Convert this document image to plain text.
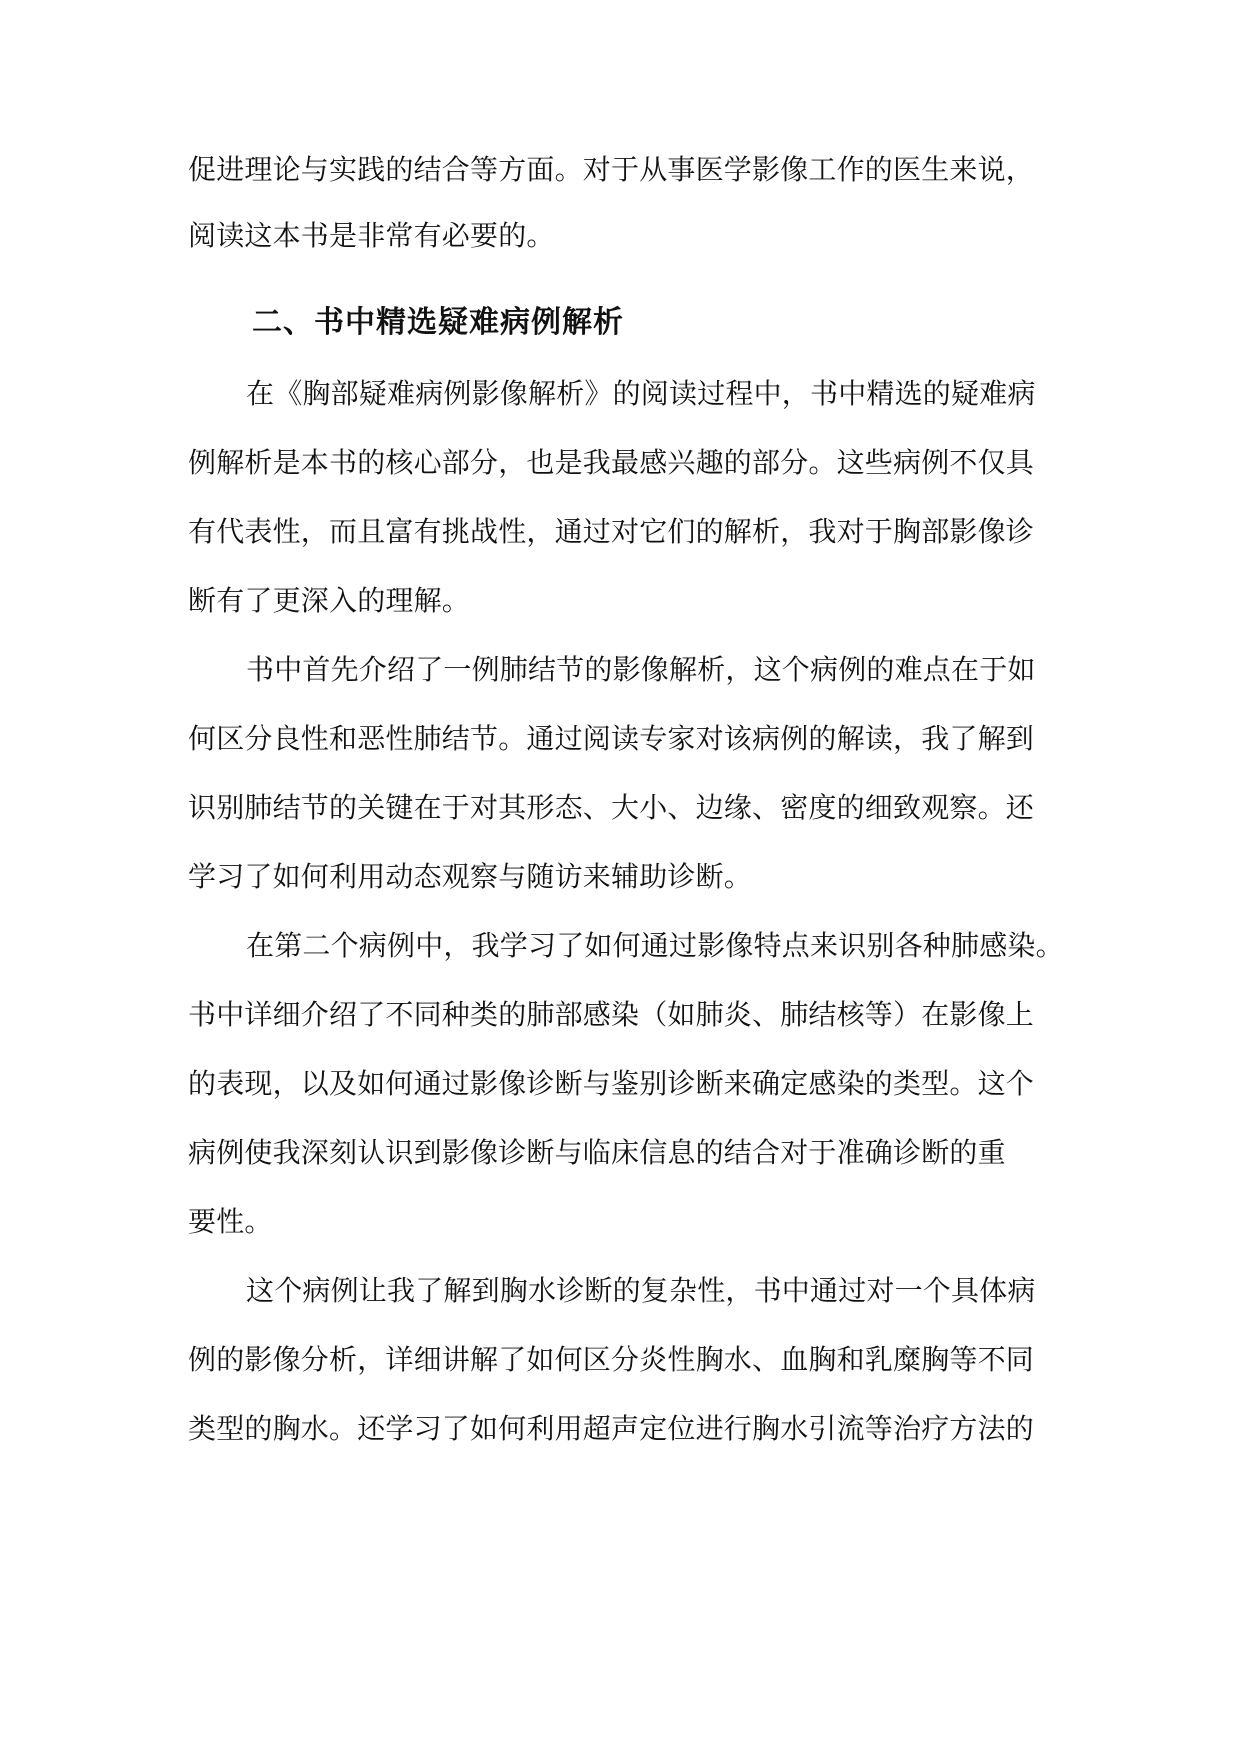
促进理论与实践的结合等方面。对于从事医学影像工作的医生来说，
阅读这本书是非常有必要的。
二、书中精选疑难病例解析
在《胸部疑难病例影像解析》的阅读过程中，书中精选的疑难病
例解析是本书的核心部分，也是我最感兴趣的部分。这些病例不仅具
有代表性，而且富有挑战性，通过对它们的解析，我对于胸部影像诊
断有了更深入的理解。
书中首先介绍了一例肺结节的影像解析，这个病例的难点在于如
何区分良性和恶性肺结节。通过阅读专家对该病例的解读，我了解到
识别肺结节的关键在于对其形态、大小、边缘、密度的细致观察。还
学习了如何利用动态观察与随访来辅助诊断。
在第二个病例中，我学习了如何通过影像特点来识别各种肺感染。
书中详细介绍了不同种类的肺部感染（如肺炎、肺结核等）在影像上
的表现，以及如何通过影像诊断与鉴别诊断来确定感染的类型。这个
病例使我深刻认识到影像诊断与临床信息的结合对于准确诊断的重
要性。
这个病例让我了解到胸水诊断的复杂性，书中通过对一个具体病
例的影像分析，详细讲解了如何区分炎性胸水、血胸和乳糜胸等不同
类型的胸水。还学习了如何利用超声定位进行胸水引流等治疗方法的
